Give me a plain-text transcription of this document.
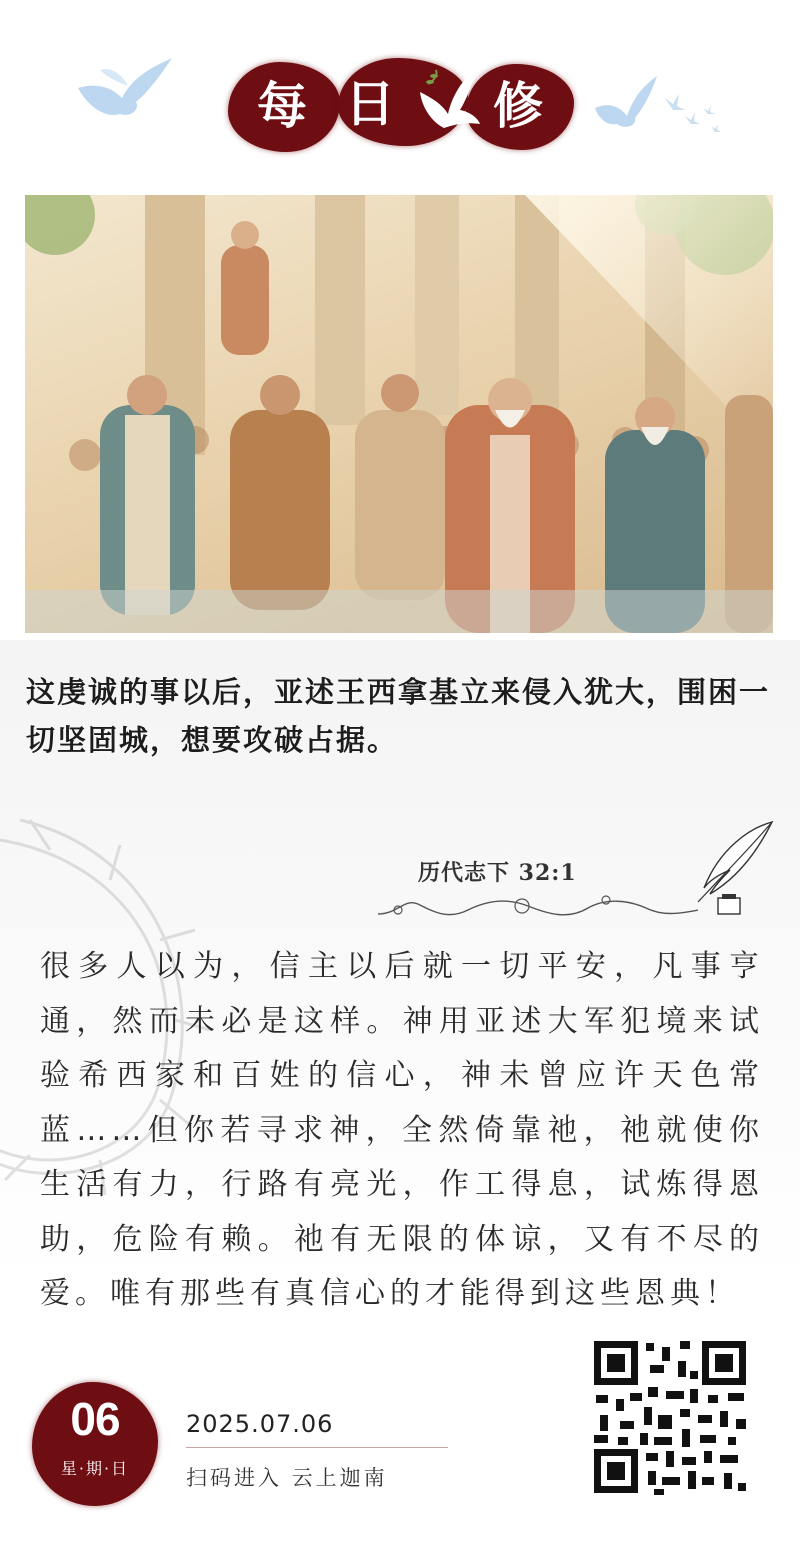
每 日	修
这虔诚的事以后，亚述王西拿基立来侵入犹大，围困一切坚固城，想要攻破占据。
历代志下 32:1
很多人以为，信主以后就一切平安，凡事亨通，然而未必是这样。神用亚述大军犯境来试验希西家和百姓的信心，神未曾应许天色常蓝……但你若寻求神，全然倚靠祂，祂就使你生活有力，行路有亮光，作工得息，试炼得恩助，危险有赖。祂有无限的体谅，又有不尽的爱。唯有那些有真信心的才能得到这些恩典！
06
星·期·日
2025.07.06
扫码进入 云上迦南
